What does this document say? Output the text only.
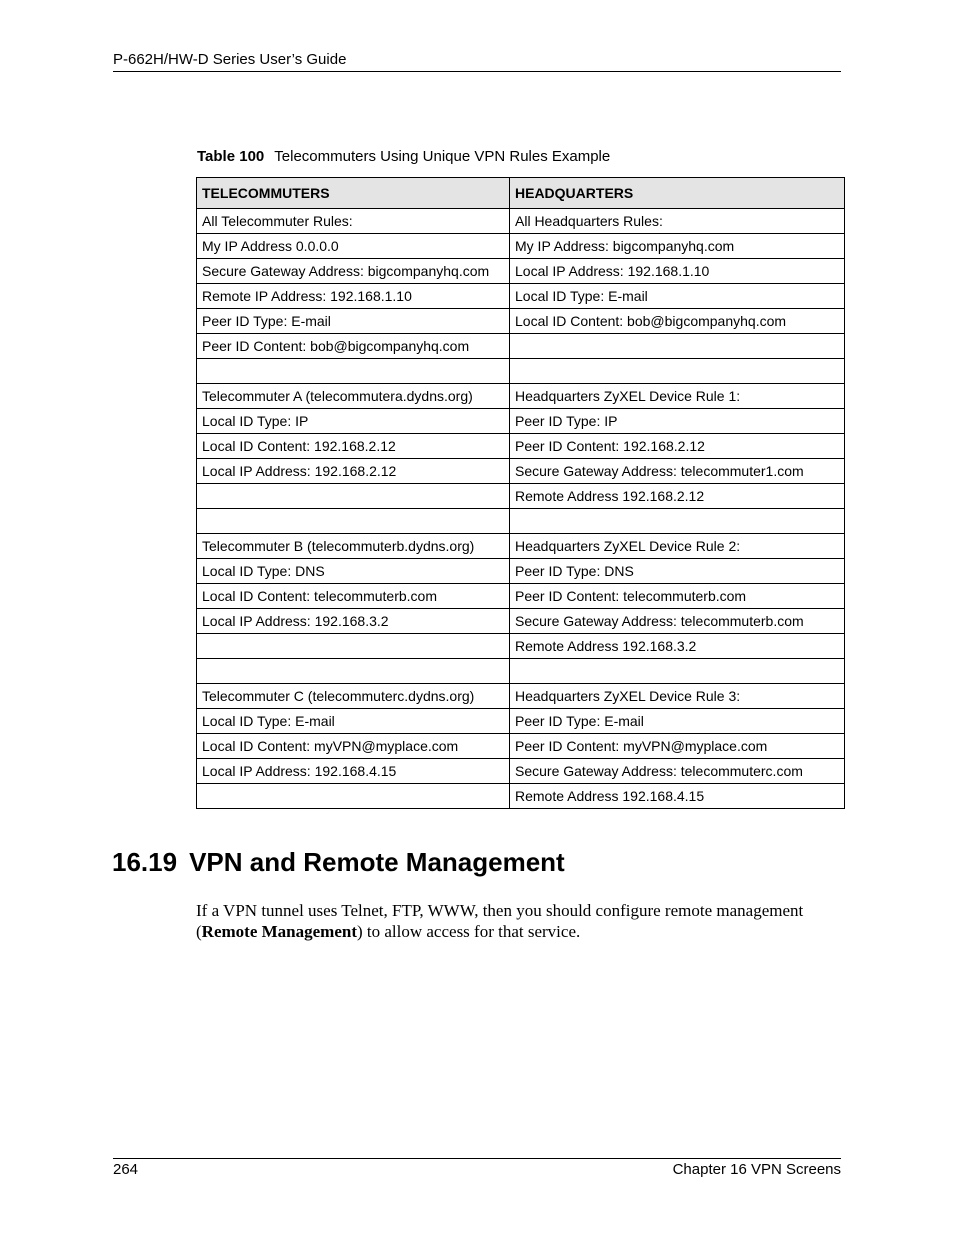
P-662H/HW-D Series User’s Guide
Table 100 Telecommuters Using Unique VPN Rules Example
TELECOMMUTERS	HEADQUARTERS
All Telecommuter Rules:	All Headquarters Rules:
My IP Address 0.0.0.0	My IP Address: bigcompanyhq.com
Secure Gateway Address: bigcompanyhq.com	Local IP Address: 192.168.1.10
Remote IP Address: 192.168.1.10	Local ID Type: E-mail
Peer ID Type: E-mail	Local ID Content: bob@bigcompanyhq.com
Peer ID Content: bob@bigcompanyhq.com	

Telecommuter A (telecommutera.dydns.org)	Headquarters ZyXEL Device Rule 1:
Local ID Type: IP	Peer ID Type: IP
Local ID Content: 192.168.2.12	Peer ID Content: 192.168.2.12
Local IP Address: 192.168.2.12	Secure Gateway Address: telecommuter1.com
	Remote Address 192.168.2.12

Telecommuter B (telecommuterb.dydns.org)	Headquarters ZyXEL Device Rule 2:
Local ID Type: DNS	Peer ID Type: DNS
Local ID Content: telecommuterb.com	Peer ID Content: telecommuterb.com
Local IP Address: 192.168.3.2	Secure Gateway Address: telecommuterb.com
	Remote Address 192.168.3.2

Telecommuter C (telecommuterc.dydns.org)	Headquarters ZyXEL Device Rule 3:
Local ID Type: E-mail	Peer ID Type: E-mail
Local ID Content: myVPN@myplace.com	Peer ID Content: myVPN@myplace.com
Local IP Address: 192.168.4.15	Secure Gateway Address: telecommuterc.com
	Remote Address 192.168.4.15
16.19 VPN and Remote Management
If a VPN tunnel uses Telnet, FTP, WWW, then you should configure remote management (Remote Management) to allow access for that service.
264	Chapter 16 VPN Screens
